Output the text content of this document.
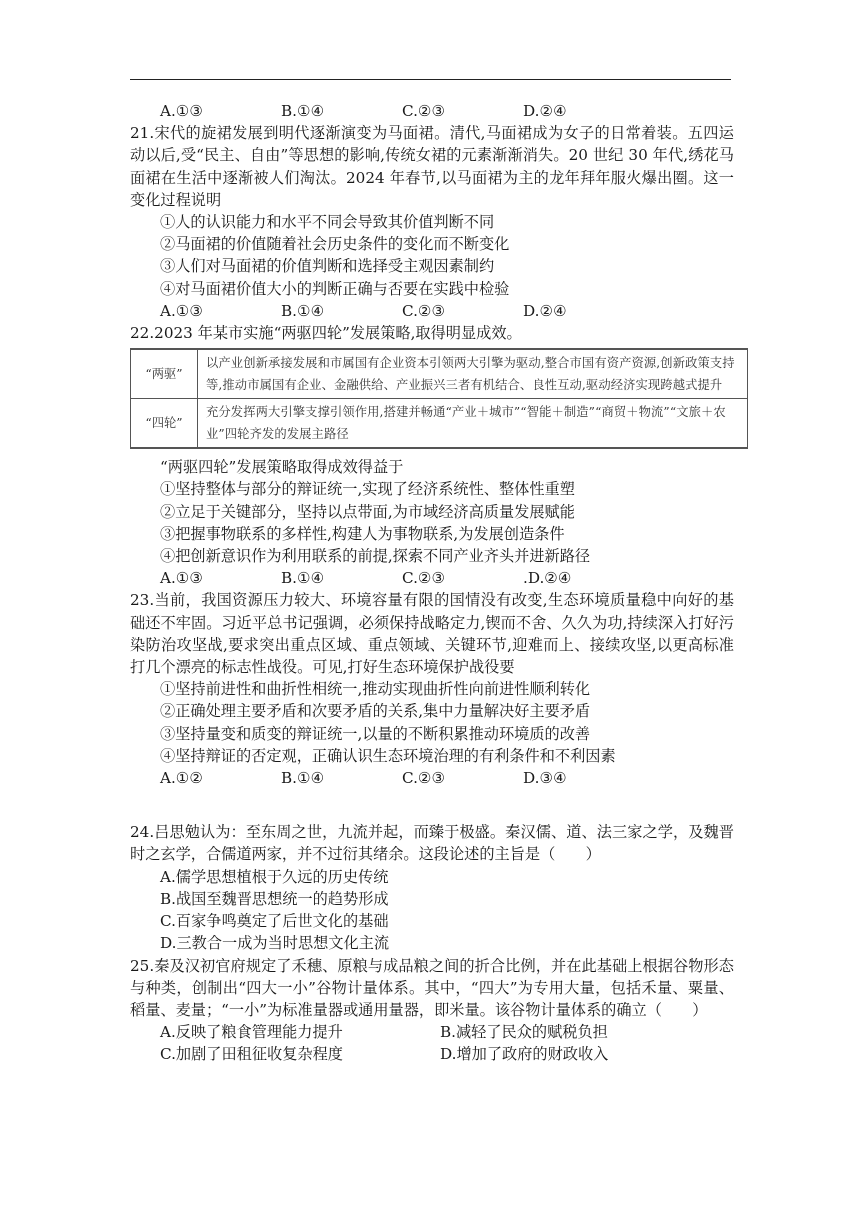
A.①③	B.①④	C.②③	D.②④

21.宋代的旋裙发展到明代逐渐演变为马面裙。清代,马面裙成为女子的日常着装。五四运动以后,受“民主、自由”等思想的影响,传统女裙的元素渐渐消失。20 世纪 30 年代,绣花马面裙在生活中逐渐被人们淘汰。2024 年春节,以马面裙为主的龙年拜年服火爆出圈。这一变化过程说明

①人的认识能力和水平不同会导致其价值判断不同
②马面裙的价值随着社会历史条件的变化而不断变化
③人们对马面裙的价值判断和选择受主观因素制约
④对马面裙价值大小的判断正确与否要在实践中检验
A.①③	B.①④	C.②③	D.②④
22.2023 年某市实施“两驱四轮”发展策略,取得明显成效。
“两驱”	以产业创新承接发展和市属国有企业资本引领两大引擎为驱动,整合市国有资产资源,创新政策支持等,推动市属国有企业、金融供给、产业振兴三者有机结合、良性互动,驱动经济实现跨越式提升
“四轮”	充分发挥两大引擎支撑引领作用,搭建并畅通“产业＋城市”“智能＋制造”“商贸＋物流”“文旅＋农业”四轮齐发的发展主路径
“两驱四轮”发展策略取得成效得益于
①坚持整体与部分的辩证统一,实现了经济系统性、整体性重塑
②立足于关键部分，坚持以点带面,为市域经济高质量发展赋能
③把握事物联系的多样性,构建人为事物联系,为发展创造条件
④把创新意识作为利用联系的前提,探索不同产业齐头并进新路径
A.①③	B.①④	C.②③	.D.②④

23.当前，我国资源压力较大、环境容量有限的国情没有改变,生态环境质量稳中向好的基础还不牢固。习近平总书记强调，必须保持战略定力,锲而不舍、久久为功,持续深入打好污染防治攻坚战,要求突出重点区域、重点领域、关键环节,迎难而上、接续攻坚,以更高标准打几个漂亮的标志性战役。可见,打好生态环境保护战役要

①坚持前进性和曲折性相统一,推动实现曲折性向前进性顺利转化
②正确处理主要矛盾和次要矛盾的关系,集中力量解决好主要矛盾
③坚持量变和质变的辩证统一,以量的不断积累推动环境质的改善
④坚持辩证的否定观，正确认识生态环境治理的有利条件和不利因素
A.①②	B.①④	C.②③	D.③④

24.吕思勉认为：至东周之世，九流并起，而臻于极盛。秦汉儒、道、法三家之学，及魏晋时之玄学，合儒道两家，并不过衍其绪余。这段论述的主旨是（　　）

A.儒学思想植根于久远的历史传统
B.战国至魏晋思想统一的趋势形成
C.百家争鸣奠定了后世文化的基础
D.三教合一成为当时思想文化主流

25.秦及汉初官府规定了禾穗、原粮与成品粮之间的折合比例，并在此基础上根据谷物形态与种类，创制出“四大一小”谷物计量体系。其中，“四大”为专用大量，包括禾量、粟量、稻量、麦量；“一小”为标准量器或通用量器，即米量。该谷物计量体系的确立（　　）

A.反映了粮食管理能力提升	B.减轻了民众的赋税负担
C.加剧了田租征收复杂程度	D.增加了政府的财政收入
